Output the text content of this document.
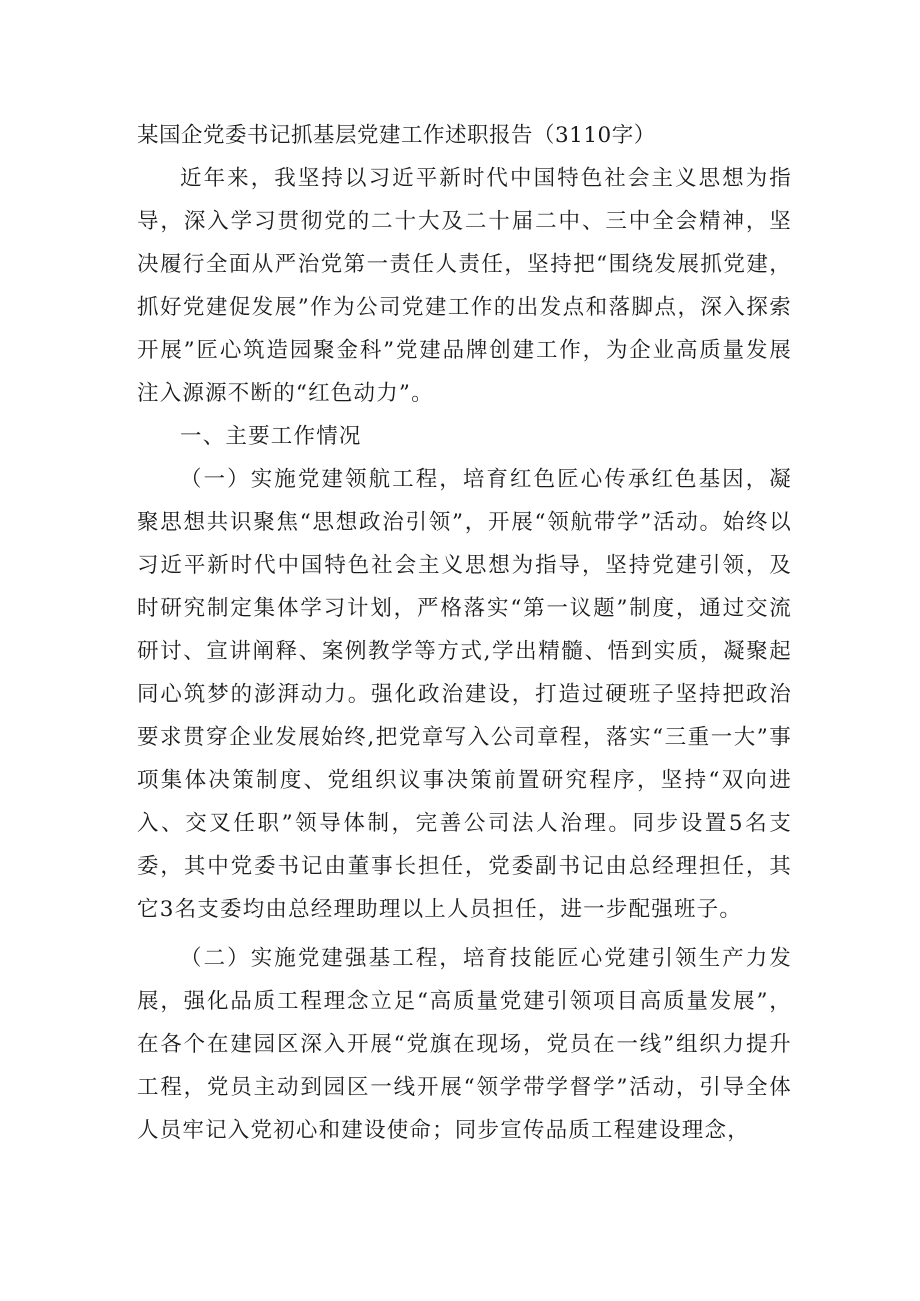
某国企党委书记抓基层党建工作述职报告（3110字）

近年来，我坚持以习近平新时代中国特色社会主义思想为指导，深入学习贯彻党的二十大及二十届二中、三中全会精神，坚决履行全面从严治党第一责任人责任，坚持把“围绕发展抓党建，抓好党建促发展”作为公司党建工作的出发点和落脚点，深入探索开展”匠心筑造园聚金科”党建品牌创建工作，为企业高质量发展注入源源不断的“红色动力”。

一、主要工作情况

（一）实施党建领航工程，培育红色匠心传承红色基因，凝聚思想共识聚焦“思想政治引领”，开展“领航带学”活动。始终以习近平新时代中国特色社会主义思想为指导，坚持党建引领，及时研究制定集体学习计划，严格落实“第一议题”制度，通过交流研讨、宣讲阐释、案例教学等方式,学出精髓、悟到实质，凝聚起同心筑梦的澎湃动力。强化政治建设，打造过硬班子坚持把政治要求贯穿企业发展始终,把党章写入公司章程，落实“三重一大”事项集体决策制度、党组织议事决策前置研究程序，坚持“双向进入、交叉任职”领导体制，完善公司法人治理。同步设置5名支委，其中党委书记由董事长担任，党委副书记由总经理担任，其它3名支委均由总经理助理以上人员担任，进一步配强班子。

（二）实施党建强基工程，培育技能匠心党建引领生产力发展，强化品质工程理念立足“高质量党建引领项目高质量发展”，在各个在建园区深入开展“党旗在现场，党员在一线”组织力提升工程，党员主动到园区一线开展“领学带学督学”活动，引导全体人员牢记入党初心和建设使命；同步宣传品质工程建设理念，
